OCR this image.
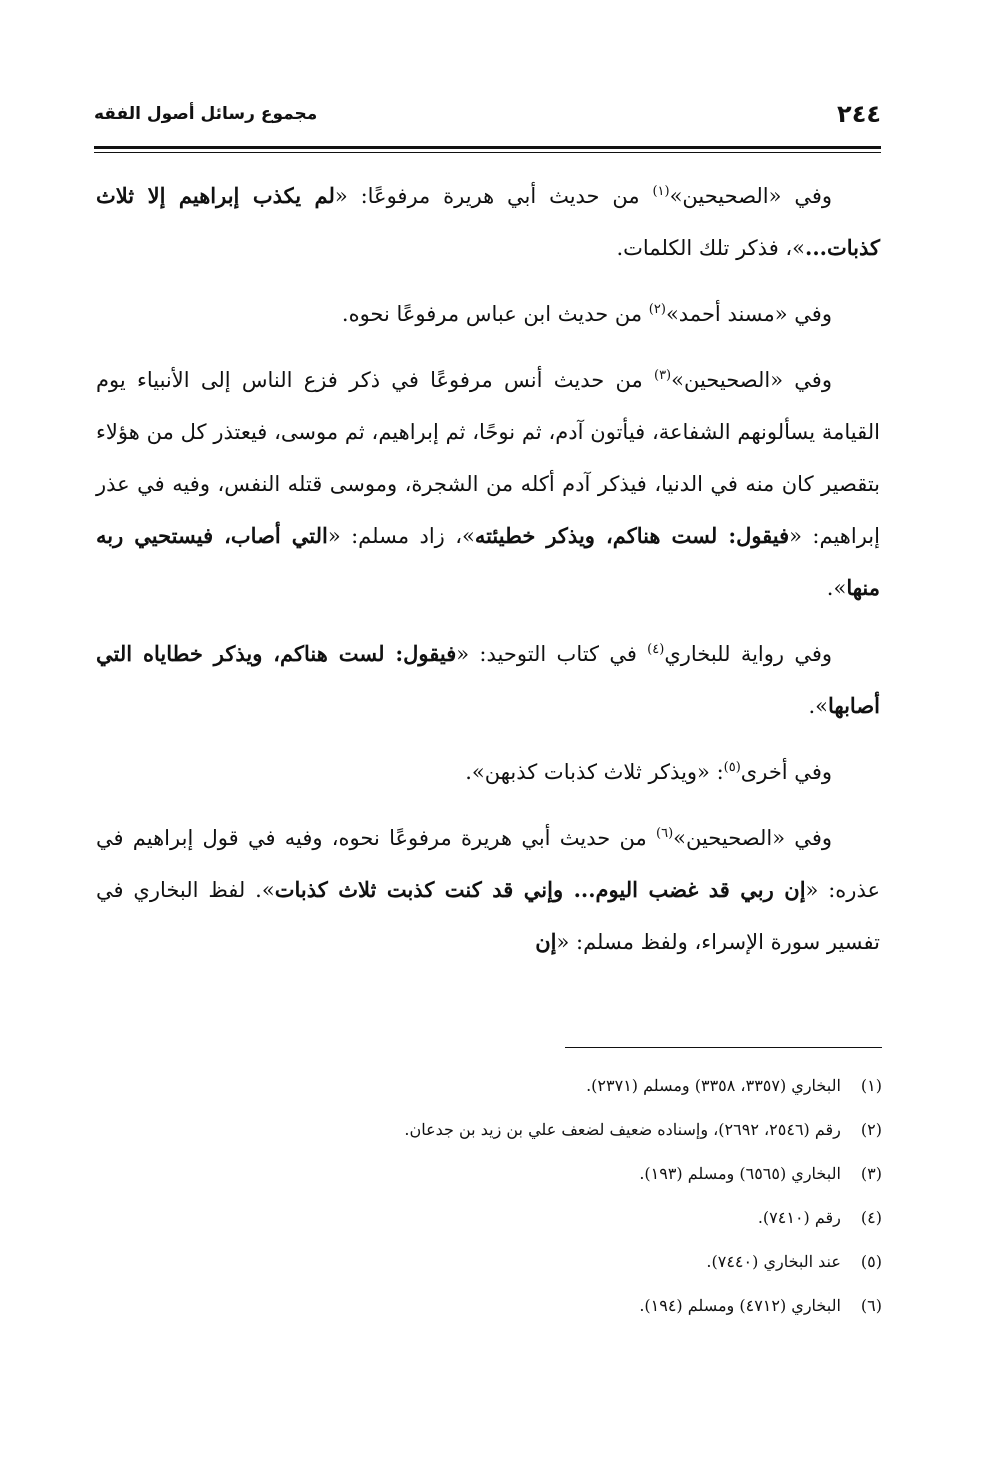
٢٤٤
مجموع رسائل أصول الفقه

وفي «الصحيحين»$^{(١)}$ من حديث أبي هريرة مرفوعًا: «لم يكذب إبراهيم إلا ثلاث كذبات...»، فذكر تلك الكلمات.

وفي «مسند أحمد»$^{(٢)}$ من حديث ابن عباس مرفوعًا نحوه.

وفي «الصحيحين»$^{(٣)}$ من حديث أنس مرفوعًا في ذكر فزع الناس إلى الأنبياء يوم القيامة يسألونهم الشفاعة، فيأتون آدم، ثم نوحًا، ثم إبراهيم، ثم موسى، فيعتذر كل من هؤلاء بتقصير كان منه في الدنيا، فيذكر آدم أكله من الشجرة، وموسى قتله النفس، وفيه في عذر إبراهيم: «فيقول: لست هناكم، ويذكر خطيئته»، زاد مسلم: «التي أصاب، فيستحيي ربه منها».

وفي رواية للبخاري$^{(٤)}$ في كتاب التوحيد: «فيقول: لست هناكم، ويذكر خطاياه التي أصابها».

وفي أخرى$^{(٥)}$: «ويذكر ثلاث كذبات كذبهن».

وفي «الصحيحين»$^{(٦)}$ من حديث أبي هريرة مرفوعًا نحوه، وفيه في قول إبراهيم في عذره: «إن ربي قد غضب اليوم... وإني قد كنت كذبت ثلاث كذبات». لفظ البخاري في تفسير سورة الإسراء، ولفظ مسلم: «إن

(١) البخاري (٣٣٥٧، ٣٣٥٨) ومسلم (٢٣٧١).
(٢) رقم (٢٥٤٦، ٢٦٩٢)، وإسناده ضعيف لضعف علي بن زيد بن جدعان.
(٣) البخاري (٦٥٦٥) ومسلم (١٩٣).
(٤) رقم (٧٤١٠).
(٥) عند البخاري (٧٤٤٠).
(٦) البخاري (٤٧١٢) ومسلم (١٩٤).
